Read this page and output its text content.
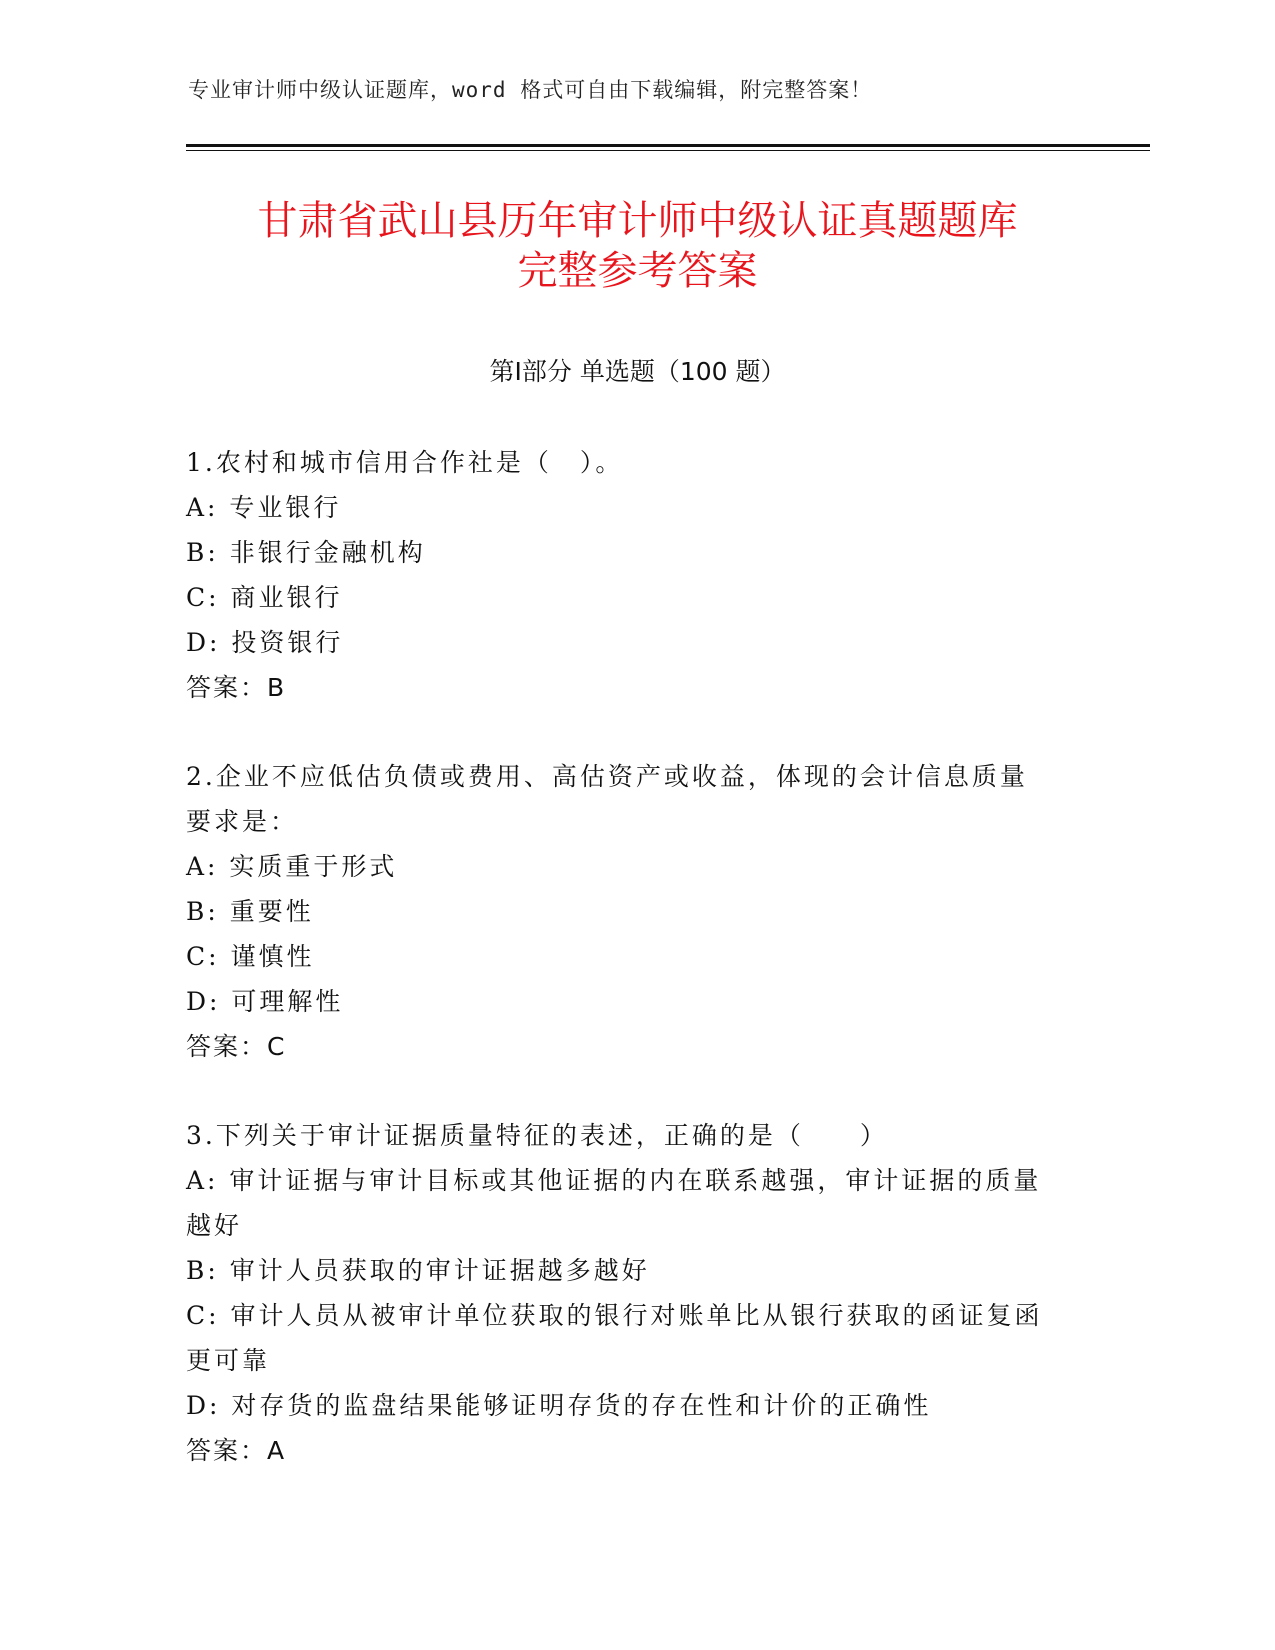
专业审计师中级认证题库，word 格式可自由下载编辑，附完整答案！
甘肃省武山县历年审计师中级认证真题题库
完整参考答案
第Ⅰ部分 单选题（100 题）
1.农村和城市信用合作社是（　）。
A: 专业银行
B: 非银行金融机构
C: 商业银行
D: 投资银行
答案：B
2.企业不应低估负债或费用、高估资产或收益，体现的会计信息质量
要求是：
A: 实质重于形式
B: 重要性
C: 谨慎性
D: 可理解性
答案：C
3.下列关于审计证据质量特征的表述，正确的是（　　）
A: 审计证据与审计目标或其他证据的内在联系越强，审计证据的质量
越好
B: 审计人员获取的审计证据越多越好
C: 审计人员从被审计单位获取的银行对账单比从银行获取的函证复函
更可靠
D: 对存货的监盘结果能够证明存货的存在性和计价的正确性
答案：A
